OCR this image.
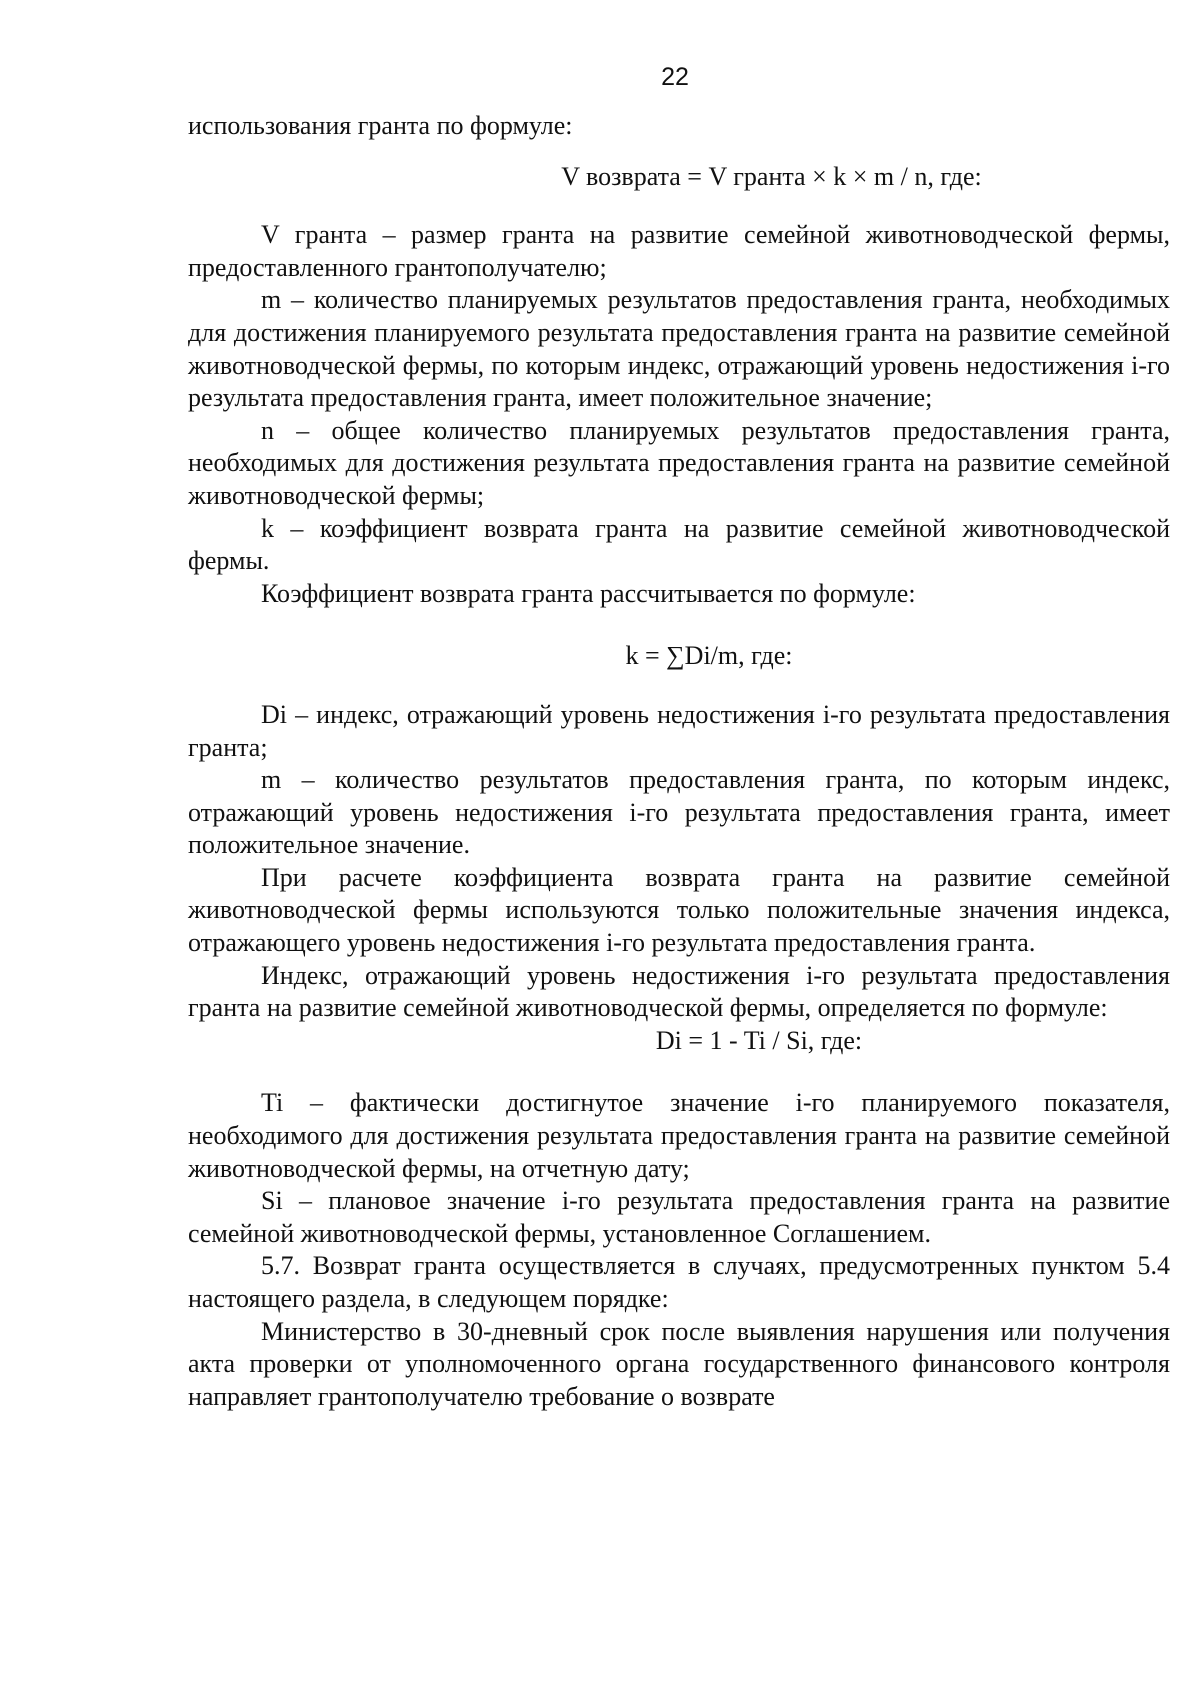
22

использования гранта по формуле:

V возврата = V гранта × k × m / n, где:

V гранта – размер гранта на развитие семейной животноводческой фермы, предоставленного грантополучателю;

m – количество планируемых результатов предоставления гранта, необходимых для достижения планируемого результата предоставления гранта на развитие семейной животноводческой фермы, по которым индекс, отражающий уровень недостижения i-го результата предоставления гранта, имеет положительное значение;

n – общее количество планируемых результатов предоставления гранта, необходимых для достижения результата предоставления гранта на развитие семейной животноводческой фермы;

k – коэффициент возврата гранта на развитие семейной животноводческой фермы.

Коэффициент возврата гранта рассчитывается по формуле:

k = ∑Di/m, где:

Di – индекс, отражающий уровень недостижения i-го результата предоставления гранта;

m – количество результатов предоставления гранта, по которым индекс, отражающий уровень недостижения i-го результата предоставления гранта, имеет положительное значение.

При расчете коэффициента возврата гранта на развитие семейной животноводческой фермы используются только положительные значения индекса, отражающего уровень недостижения i-го результата предоставления гранта.

Индекс, отражающий уровень недостижения i-го результата предоставления гранта на развитие семейной животноводческой фермы, определяется по формуле:

Di = 1 - Ti / Si, где:

Ti – фактически достигнутое значение i-го планируемого показателя, необходимого для достижения результата предоставления гранта на развитие семейной животноводческой фермы, на отчетную дату;

Si – плановое значение i-го результата предоставления гранта на развитие семейной животноводческой фермы, установленное Соглашением.

5.7. Возврат гранта осуществляется в случаях, предусмотренных пунктом 5.4 настоящего раздела, в следующем порядке:

Министерство в 30-дневный срок после выявления нарушения или получения акта проверки от уполномоченного органа государственного финансового контроля направляет грантополучателю требование о возврате
